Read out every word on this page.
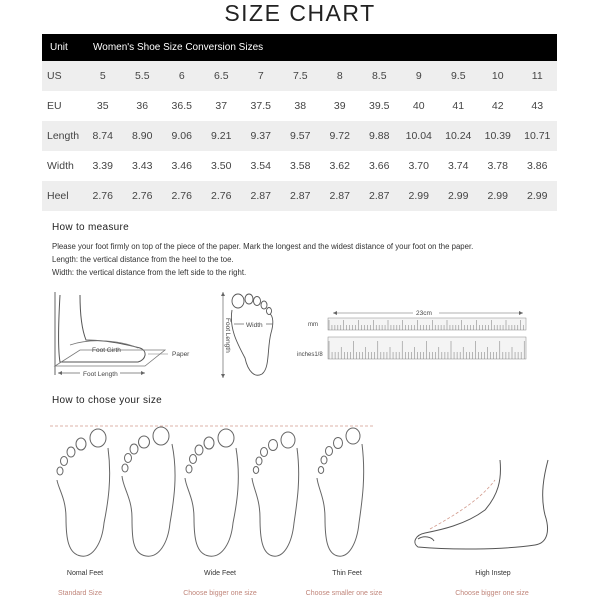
SIZE CHART
Unit	Women's Shoe Size Conversion Sizes											
US	5	5.5	6	6.5	7	7.5	8	8.5	9	9.5	10	11
EU	35	36	36.5	37	37.5	38	39	39.5	40	41	42	43
Length	8.74	8.90	9.06	9.21	9.37	9.57	9.72	9.88	10.04	10.24	10.39	10.71
Width	3.39	3.43	3.46	3.50	3.54	3.58	3.62	3.66	3.70	3.74	3.78	3.86
Heel	2.76	2.76	2.76	2.76	2.87	2.87	2.87	2.87	2.99	2.99	2.99	2.99
How to measure
Please your foot firmly on top of the piece of the paper. Mark the longest and the widest distance of your foot on the paper.
Length: the vertical distance from the heel to the toe.
Width: the vertical distance from the left side to the right.
Foot Girth
Paper
Foot Length
Foot Length Width
23cm
mm
inches1/8
How to chose your size
Nomal Feet
Standard Size
Wide Feet
Choose bigger one size
Thin Feet
Choose smaller one size
High Instep
Choose bigger one size
